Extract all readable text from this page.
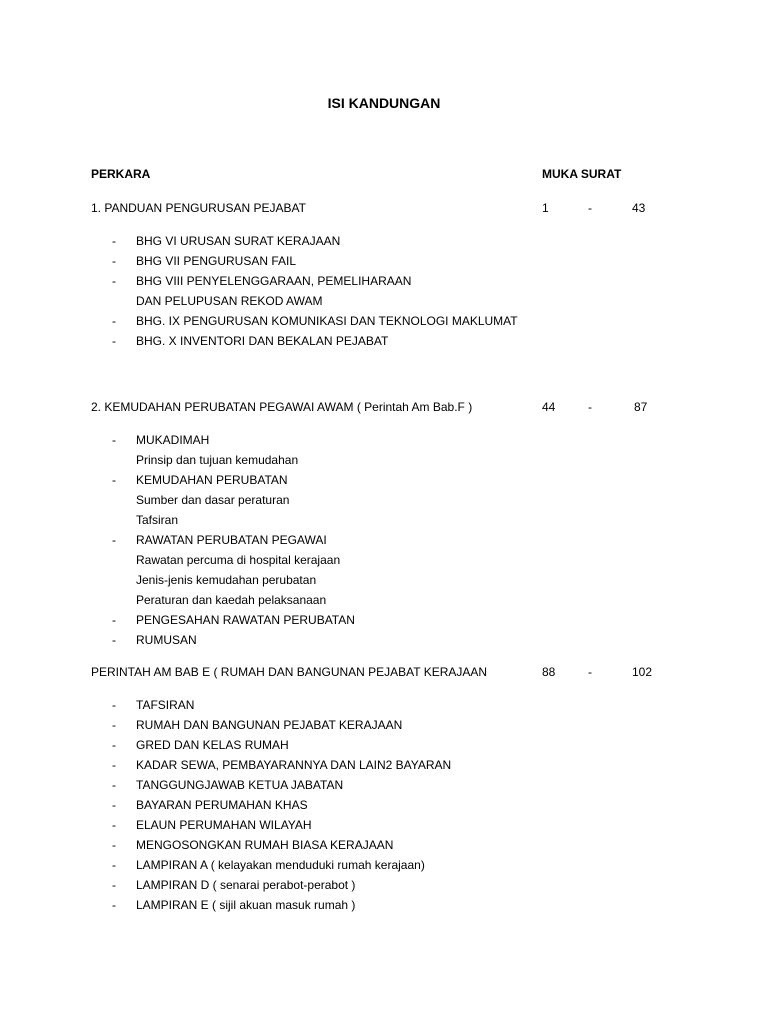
ISI KANDUNGAN
PERKARA	MUKA SURAT
1. PANDUAN PENGURUSAN PEJABAT	1	-	43
- BHG VI URUSAN SURAT KERAJAAN
- BHG VII PENGURUSAN FAIL
- BHG VIII PENYELENGGARAAN, PEMELIHARAAN
DAN PELUPUSAN REKOD AWAM
- BHG. IX PENGURUSAN KOMUNIKASI DAN TEKNOLOGI MAKLUMAT
- BHG. X INVENTORI DAN BEKALAN PEJABAT
2. KEMUDAHAN PERUBATAN PEGAWAI AWAM ( Perintah Am Bab.F )	44	-	87
- MUKADIMAH
Prinsip dan tujuan kemudahan
- KEMUDAHAN PERUBATAN
Sumber dan dasar peraturan
Tafsiran
- RAWATAN PERUBATAN PEGAWAI
Rawatan percuma di hospital kerajaan
Jenis-jenis kemudahan perubatan
Peraturan dan kaedah pelaksanaan
- PENGESAHAN RAWATAN PERUBATAN
- RUMUSAN
PERINTAH AM BAB E ( RUMAH DAN BANGUNAN PEJABAT KERAJAAN	88	-	102
- TAFSIRAN
- RUMAH DAN BANGUNAN PEJABAT KERAJAAN
- GRED DAN KELAS RUMAH
- KADAR SEWA, PEMBAYARANNYA DAN LAIN2 BAYARAN
- TANGGUNGJAWAB KETUA JABATAN
- BAYARAN PERUMAHAN KHAS
- ELAUN PERUMAHAN WILAYAH
- MENGOSONGKAN RUMAH BIASA KERAJAAN
- LAMPIRAN A ( kelayakan menduduki rumah kerajaan)
- LAMPIRAN D ( senarai perabot-perabot )
- LAMPIRAN E ( sijil akuan masuk rumah )
